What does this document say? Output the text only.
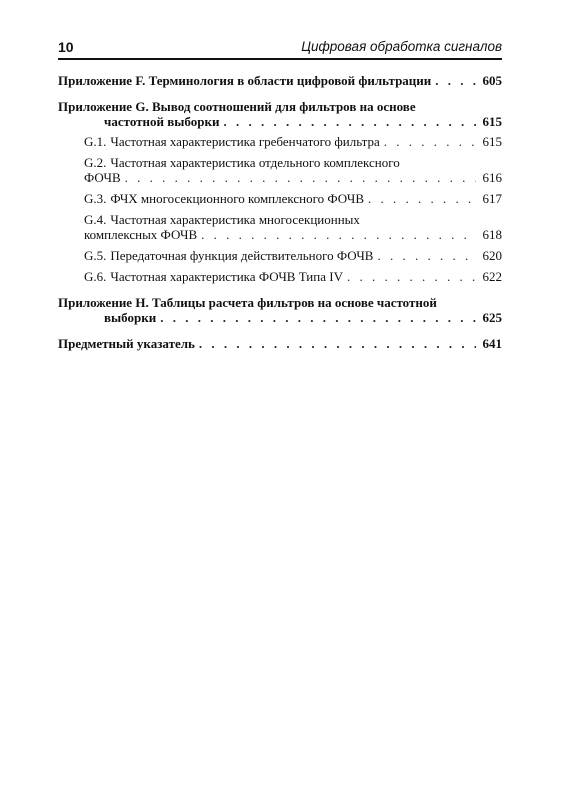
10	Цифровая обработка сигналов
Приложение F. Терминология в области цифровой фильтрации . . .	605
Приложение G. Вывод соотношений для фильтров на основе
частотной выборки . . .	615
G.1. Частотная характеристика гребенчатого фильтра . . .	615
G.2. Частотная характеристика отдельного комплексного
ФОЧВ . . .	616
G.3. ФЧХ многосекционного комплексного ФОЧВ . . .	617
G.4. Частотная характеристика многосекционных
комплексных ФОЧВ . . .	618
G.5. Передаточная функция действительного ФОЧВ . . .	620
G.6. Частотная характеристика ФОЧВ Типа IV . . .	622
Приложение H. Таблицы расчета фильтров на основе частотной
выборки . . .	625
Предметный указатель . . .	641
